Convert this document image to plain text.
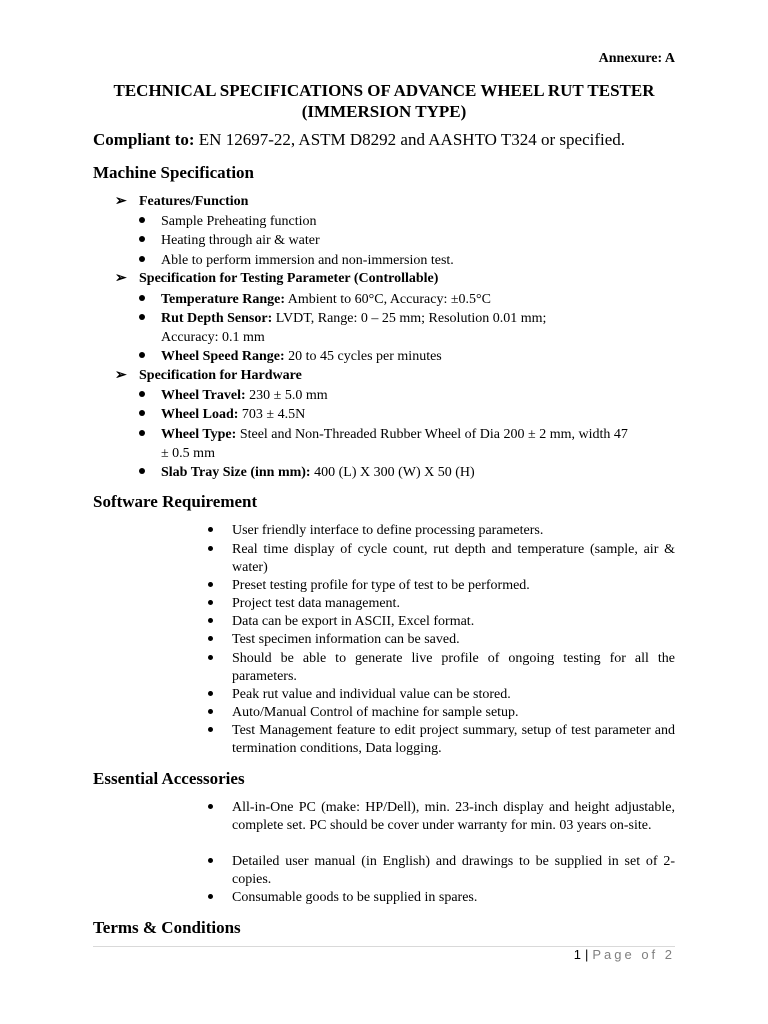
Annexure: A
TECHNICAL SPECIFICATIONS OF ADVANCE WHEEL RUT TESTER
(IMMERSION TYPE)
Compliant to: EN 12697-22, ASTM D8292 and AASHTO T324 or specified.
Machine Specification
➢ Features/Function
Sample Preheating function
Heating through air & water
Able to perform immersion and non-immersion test.
➢ Specification for Testing Parameter (Controllable)
Temperature Range: Ambient to 60°C, Accuracy: ±0.5°C
Rut Depth Sensor: LVDT, Range: 0 – 25 mm; Resolution 0.01 mm; Accuracy: 0.1 mm
Wheel Speed Range: 20 to 45 cycles per minutes
➢ Specification for Hardware
Wheel Travel: 230 ± 5.0 mm
Wheel Load: 703 ± 4.5N
Wheel Type: Steel and Non-Threaded Rubber Wheel of Dia 200 ± 2 mm, width 47 ± 0.5 mm
Slab Tray Size (inn mm): 400 (L) X 300 (W) X 50 (H)
Software Requirement
User friendly interface to define processing parameters.
Real time display of cycle count, rut depth and temperature (sample, air & water)
Preset testing profile for type of test to be performed.
Project test data management.
Data can be export in ASCII, Excel format.
Test specimen information can be saved.
Should be able to generate live profile of ongoing testing for all the parameters.
Peak rut value and individual value can be stored.
Auto/Manual Control of machine for sample setup.
Test Management feature to edit project summary, setup of test parameter and termination conditions, Data logging.
Essential Accessories
All-in-One PC (make: HP/Dell), min. 23-inch display and height adjustable, complete set. PC should be cover under warranty for min. 03 years on-site.
Detailed user manual (in English) and drawings to be supplied in set of 2-copies.
Consumable goods to be supplied in spares.
Terms & Conditions
1 | Page of 2
